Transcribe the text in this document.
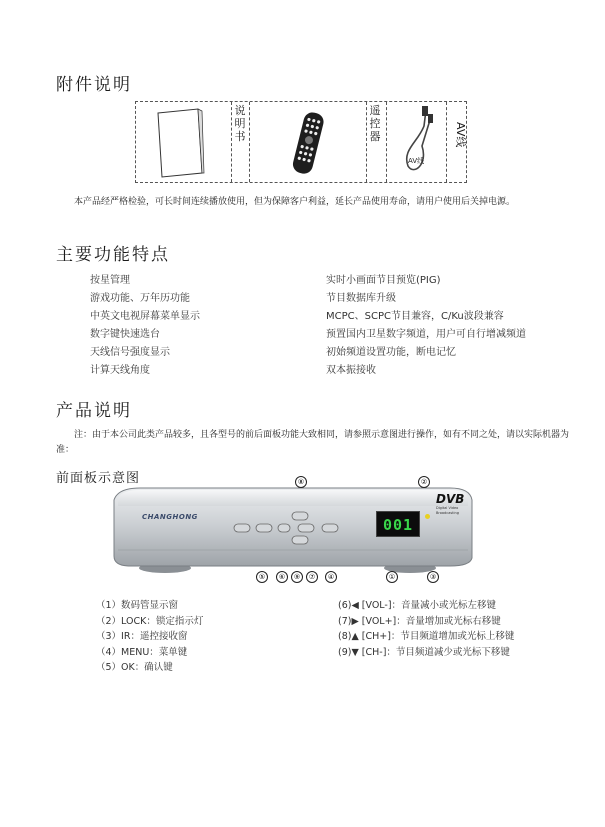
附件说明
说明书
遥控器
AV线
AV线
本产品经严格检验，可长时间连续播放使用，但为保障客户利益，延长产品使用寿命，请用户使用后关掉电源。
主要功能特点
按星管理
游戏功能、万年历功能
中英文电视屏幕菜单显示
数字键快速选台
天线信号强度显示
计算天线角度
实时小画面节目预览(PIG)
节目数据库升级
MCPC、SCPC节目兼容，C/Ku波段兼容
预置国内卫星数字频道，用户可自行增减频道
初始频道设置功能，断电记忆
双本振接收
产品说明
注：由于本公司此类产品较多，且各型号的前后面板功能大致相同，请参照示意图进行操作，如有不同之处，请以实际机器为准：
前面板示意图
CHANGHONG	001
DVB
Digital Video
Broadcasting
⑧	②
⑤	⑥	⑨	⑦	④	①	③
（1）数码管显示窗
（2）LOCK：锁定指示灯
（3）IR：遥控接收窗
（4）MENU：菜单键
（5）OK：确认键
(6)◀ [VOL-]：音量减小或光标左移键
(7)▶ [VOL+]：音量增加或光标右移键
(8)▲ [CH+]：节目频道增加或光标上移键
(9)▼ [CH-]：节目频道减少或光标下移键
